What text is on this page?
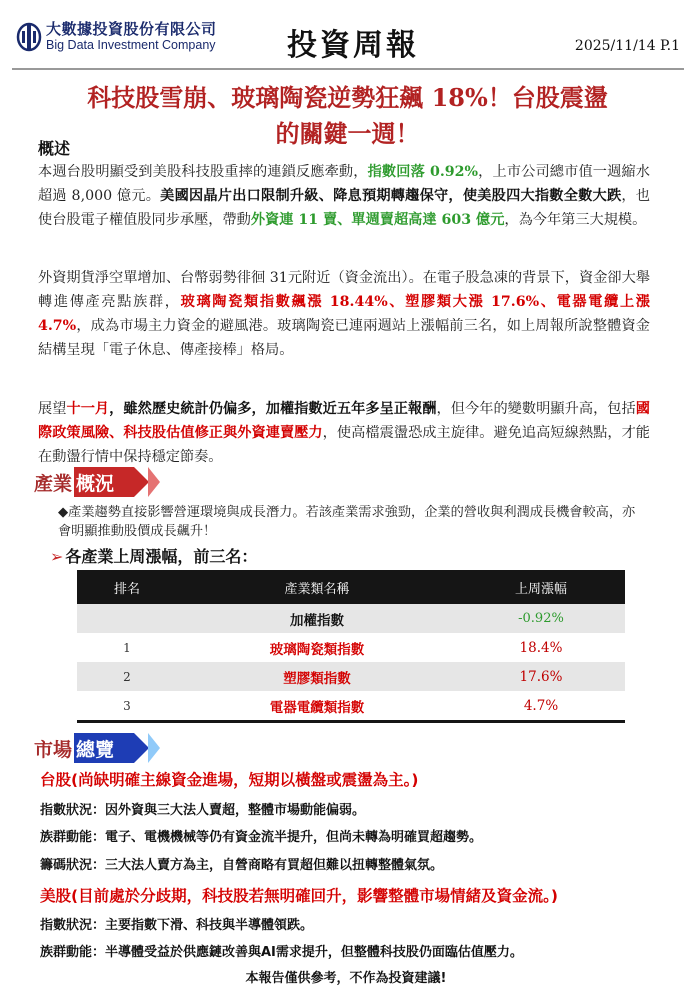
大數據投資股份有限公司
Big Data Investment Company 投資周報	2025/11/14 P.1
科技股雪崩、玻璃陶瓷逆勢狂飆 18%！台股震盪
的關鍵一週！
概述
本週台股明顯受到美股科技股重摔的連鎖反應牽動，指數回落 0.92%，上市公司總市值一週縮水超過 8,000 億元。美國因晶片出口限制升級、降息預期轉趨保守，使美股四大指數全數大跌，也使台股電子權值股同步承壓，帶動外資連 11 賣、單週賣超高達 603 億元，為今年第三大規模。
外資期貨淨空單增加、台幣弱勢徘徊 31元附近（資金流出）。在電子股急凍的背景下，資金卻大舉轉進傳產亮點族群，玻璃陶瓷類指數飆漲 18.44%、塑膠類大漲 17.6%、電器電纜上漲 4.7%，成為市場主力資金的避風港。玻璃陶瓷已連兩週站上漲幅前三名，如上周報所說整體資金結構呈現「電子休息、傳產接棒」格局。
展望十一月，雖然歷史統計仍偏多，加權指數近五年多呈正報酬，但今年的變數明顯升高，包括國際政策風險、科技股估值修正與外資連賣壓力，使高檔震盪恐成主旋律。避免追高短線熱點，才能在動盪行情中保持穩定節奏。
產業 概況
◆產業趨勢直接影響營運環境與成長潛力。若該產業需求強勁，企業的營收與利潤成長機會較高，亦會明顯推動股價成長飆升！
➢ 各產業上周漲幅，前三名：
排名	產業類名稱	上周漲幅
	加權指數	-0.92%
1	玻璃陶瓷類指數	18.4%
2	塑膠類指數	17.6%
3	電器電纜類指數	4.7%

市場 總覽
台股(尚缺明確主線資金進場，短期以橫盤或震盪為主。)
指數狀況：因外資與三大法人賣超，整體市場動能偏弱。
族群動能：電子、電機機械等仍有資金流半提升，但尚未轉為明確買超趨勢。
籌碼狀況：三大法人賣方為主，自營商略有買超但難以扭轉整體氣氛。
美股(目前處於分歧期，科技股若無明確回升，影響整體市場情緒及資金流。)
指數狀況：主要指數下滑、科技與半導體領跌。
族群動能：半導體受益於供應鏈改善與AI需求提升，但整體科技股仍面臨估值壓力。
本報告僅供參考，不作為投資建議!
